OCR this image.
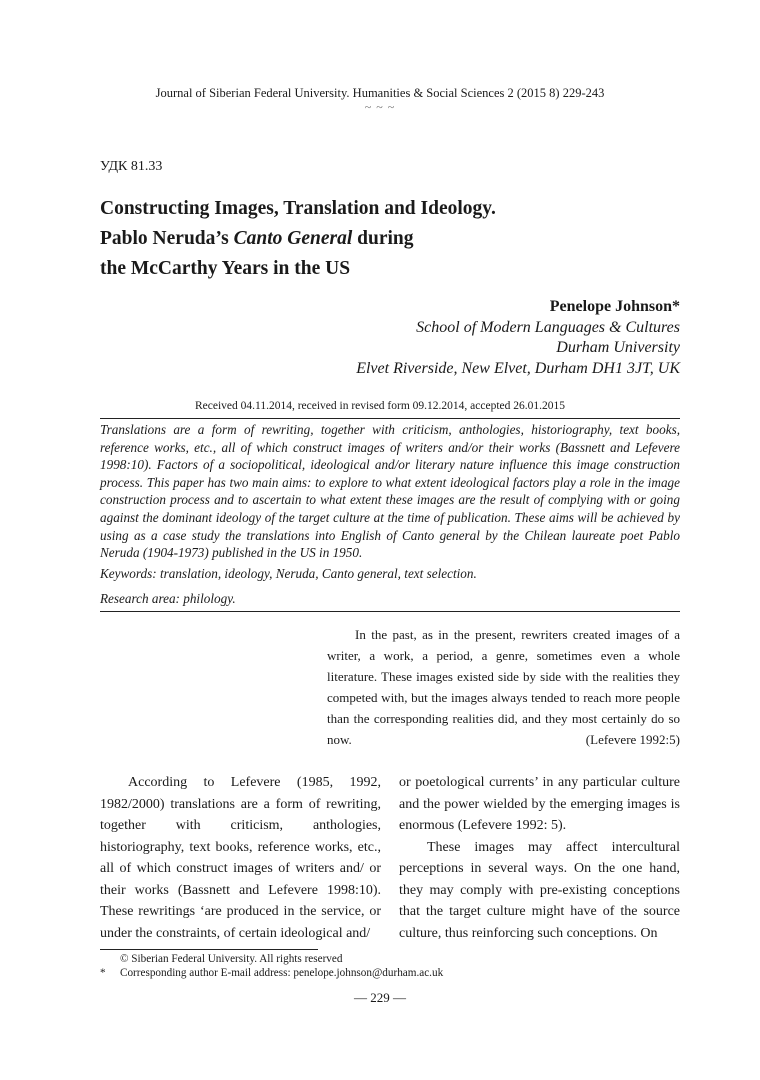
Journal of Siberian Federal University. Humanities & Social Sciences 2 (2015 8) 229-243
~ ~ ~
УДК 81.33
Constructing Images, Translation and Ideology.
Pablo Neruda’s Canto General during
the McCarthy Years in the US
Penelope Johnson*
School of Modern Languages & Cultures
Durham University
Elvet Riverside, New Elvet, Durham DH1 3JT, UK
Received 04.11.2014, received in revised form 09.12.2014, accepted 26.01.2015

Translations are a form of rewriting, together with criticism, anthologies, historiography, text books, reference works, etc., all of which construct images of writers and/or their works (Bassnett and Lefevere 1998:10). Factors of a sociopolitical, ideological and/or literary nature influence this image construction process. This paper has two main aims: to explore to what extent ideological factors play a role in the image construction process and to ascertain to what extent these images are the result of complying with or going against the dominant ideology of the target culture at the time of publication. These aims will be achieved by using as a case study the translations into English of Canto general by the Chilean laureate poet Pablo Neruda (1904-1973) published in the US in 1950.

Keywords: translation, ideology, Neruda, Canto general, text selection.
Research area: philology.
In the past, as in the present, rewriters created images of a writer, a work, a period, a genre, sometimes even a whole literature. These images existed side by side with the realities they competed with, but the images always tended to reach more people than the corresponding realities did, and they most certainly do so now.	(Lefevere 1992:5)

According to Lefevere (1985, 1992, 1982/2000) translations are a form of rewriting, together with criticism, anthologies, historiography, text books, reference works, etc., all of which construct images of writers and/ or their works (Bassnett and Lefevere 1998:10). These rewritings ‘are produced in the service, or under the constraints, of certain ideological and/

or poetological currents’ in any particular culture and the power wielded by the emerging images is enormous (Lefevere 1992: 5).

These images may affect intercultural perceptions in several ways. On the one hand, they may comply with pre-existing conceptions that the target culture might have of the source culture, thus reinforcing such conceptions. On

© Siberian Federal University. All rights reserved
* Corresponding author E-mail address: penelope.johnson@durham.ac.uk
— 229 —
